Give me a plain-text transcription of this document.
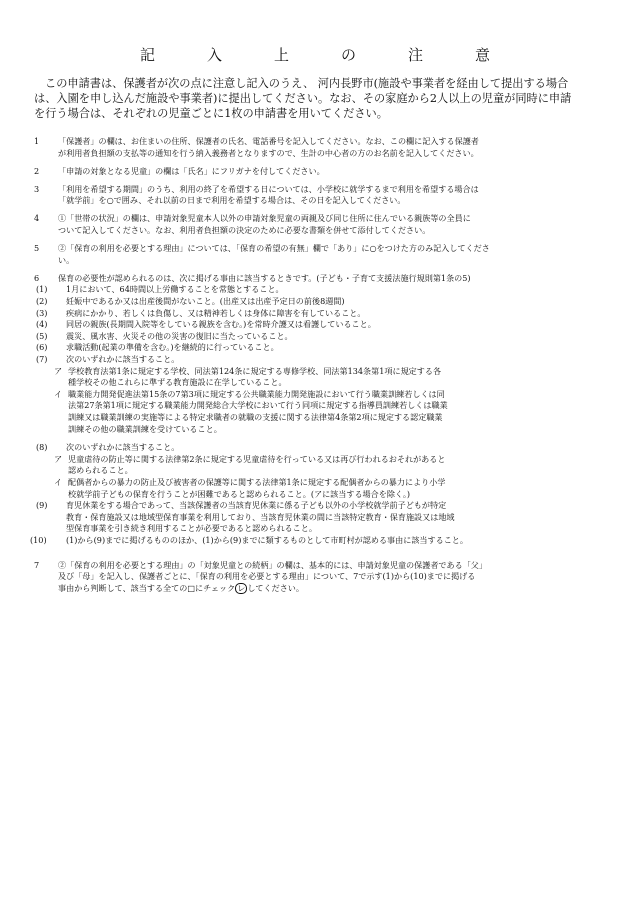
記	入	上	の	注	意
この申請書は、保護者が次の点に注意し記入のうえ、 河内長野市(施設や事業者を経由して提出する場合
は、入園を申し込んだ施設や事業者)に提出してください。なお、その家庭から2人以上の児童が同時に申請
を行う場合は、それぞれの児童ごとに1枚の申請書を用いてください。
1	「保護者」の欄は、お住まいの住所、保護者の氏名、電話番号を記入してください。なお、この欄に記入する保護者
が利用者負担額の支払等の通知を行う納入義務者となりますので、生計の中心者の方のお名前を記入してください。
2	「申請の対象となる児童」の欄は「氏名」にフリガナを付してください。
3	「利用を希望する期間」のうち、利用の終了を希望する日については、小学校に就学するまで利用を希望する場合は
「就学前」を○で囲み、それ以前の日まで利用を希望する場合は、その日を記入してください。
4	①「世帯の状況」の欄は、申請対象児童本人以外の申請対象児童の両親及び同じ住所に住んでいる親族等の全員に
ついて記入してください。なお、利用者負担額の決定のために必要な書類を併せて添付してください。
5	②「保育の利用を必要とする理由」については、「保育の希望の有無」欄で「あり」に○をつけた方のみ記入してくださ
い。
6	保育の必要性が認められるのは、次に掲げる事由に該当するときです。(子ども・子育て支援法施行規則第1条の5)
(1)	1月において、64時間以上労働することを常態とすること。
(2)	妊娠中であるか又は出産後間がないこと。(出産又は出産予定日の前後8週間)
(3)	疾病にかかり、若しくは負傷し、又は精神若しくは身体に障害を有していること。
(4)	同居の親族(長期間入院等をしている親族を含む。)を常時介護又は看護していること。
(5)	震災、風水害、火災その他の災害の復旧に当たっていること。
(6)	求職活動(起業の準備を含む。)を継続的に行っていること。
(7)	次のいずれかに該当すること。
ア 学校教育法第1条に規定する学校、同法第124条に規定する専修学校、同法第134条第1項に規定する各
種学校その他これらに準ずる教育施設に在学していること。
イ 職業能力開発促進法第15条の7第3項に規定する公共職業能力開発施設において行う職業訓練若しくは同
法第27条第1項に規定する職業能力開発総合大学校において行う同項に規定する指導員訓練若しくは職業
訓練又は職業訓練の実施等による特定求職者の就職の支援に関する法律第4条第2項に規定する認定職業
訓練その他の職業訓練を受けていること。
(8)	次のいずれかに該当すること。
ア 児童虐待の防止等に関する法律第2条に規定する児童虐待を行っている又は再び行われるおそれがあると
認められること。
イ 配偶者からの暴力の防止及び被害者の保護等に関する法律第1条に規定する配偶者からの暴力により小学
校就学前子どもの保育を行うことが困難であると認められること。(アに該当する場合を除く。)
(9)	育児休業をする場合であって、当該保護者の当該育児休業に係る子ども以外の小学校就学前子どもが特定
教育・保育施設又は地域型保育事業を利用しており、当該育児休業の間に当該特定教育・保育施設又は地域
型保育事業を引き続き利用することが必要であると認められること。
(10)	(1)から(9)までに掲げるもののほか、(1)から(9)までに類するものとして市町村が認める事由に該当すること。
7	②「保育の利用を必要とする理由」の「対象児童との続柄」の欄は、基本的には、申請対象児童の保護者である「父」
及び「母」を記入し、保護者ごとに、「保育の利用を必要とする理由」について、7で示す(1)から(10)までに掲げる
事由から判断して、該当する全ての□にチェック レ してください。
